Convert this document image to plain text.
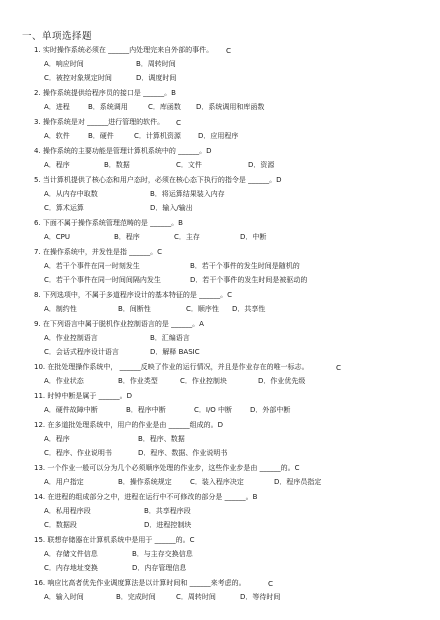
一、单项选择题
1. 实时操作系统必须在 ______内处理完来自外部的事件。 C
A．响应时间	B．周转时间
C．被控对象规定时间	D．调度时间
2. 操作系统提供给程序员的接口是 ______。B
A．进程	B．系统调用	C．库函数 D．系统调用和库函数
3. 操作系统是对 ______进行管理的软件。 C
A．软件	B．硬件	C．计算机资源 D．应用程序
4. 操作系统的主要功能是管理计算机系统中的 ______。D
A．程序	B．数据	C．文件	D．资源
5. 当计算机提供了核心态和用户态时，必须在核心态下执行的指令是 ______。D
A．从内存中取数	B．将运算结果装入内存
C．算术运算	D．输入/输出
6. 下面不属于操作系统管理范畴的是 ______。B
A．CPU	B．程序	C．主存	D．中断
7. 在操作系统中，并发性是指 ______。C
A．若干个事件在同一时刻发生	B．若干个事件的发生时间是随机的
C．若干个事件在同一时间间隔内发生	D．若干个事件的发生时间是被驱动的
8. 下列选项中，不属于多道程序设计的基本特征的是 ______。C
A．制约性	B．间断性	C．顺序性 D．共享性
9. 在下列语言中属于脱机作业控制语言的是 ______。A
A．作业控制语言	B．汇编语言
C．会话式程序设计语言	D．解释 BASIC
10. 在批处理操作系统中， ______反映了作业的运行情况，并且是作业存在的唯一标志。	C
A．作业状态	B．作业类型	C．作业控制块	D．作业优先级
11. 时钟中断是属于 ______。D
A．硬件故障中断	B．程序中断	C．I/O 中断	D．外部中断
12. 在多道批处理系统中，用户的作业是由 ______组成的。D
A．程序	B．程序、数据
C．程序、作业说明书	D．程序、数据、作业说明书
13. 一个作业一般可以分为几个必须顺序处理的作业步，这些作业步是由 ______的。C
A．用户指定	B．操作系统规定	C．装入程序决定	D．程序员指定
14. 在进程的组成部分之中，进程在运行中不可修改的部分是 ______。B
A．私用程序段	B．共享程序段
C．数据段	D．进程控制块
15. 联想存储器在计算机系统中是用于 ______的。C
A．存储文件信息	B．与主存交换信息
C．内存地址变换	D．内存管理信息
16. 响应比高者优先作业调度算法是以计算时间和 ______来考虑的。	C
A．输入时间	B．完成时间	C．周转时间	D．等待时间
